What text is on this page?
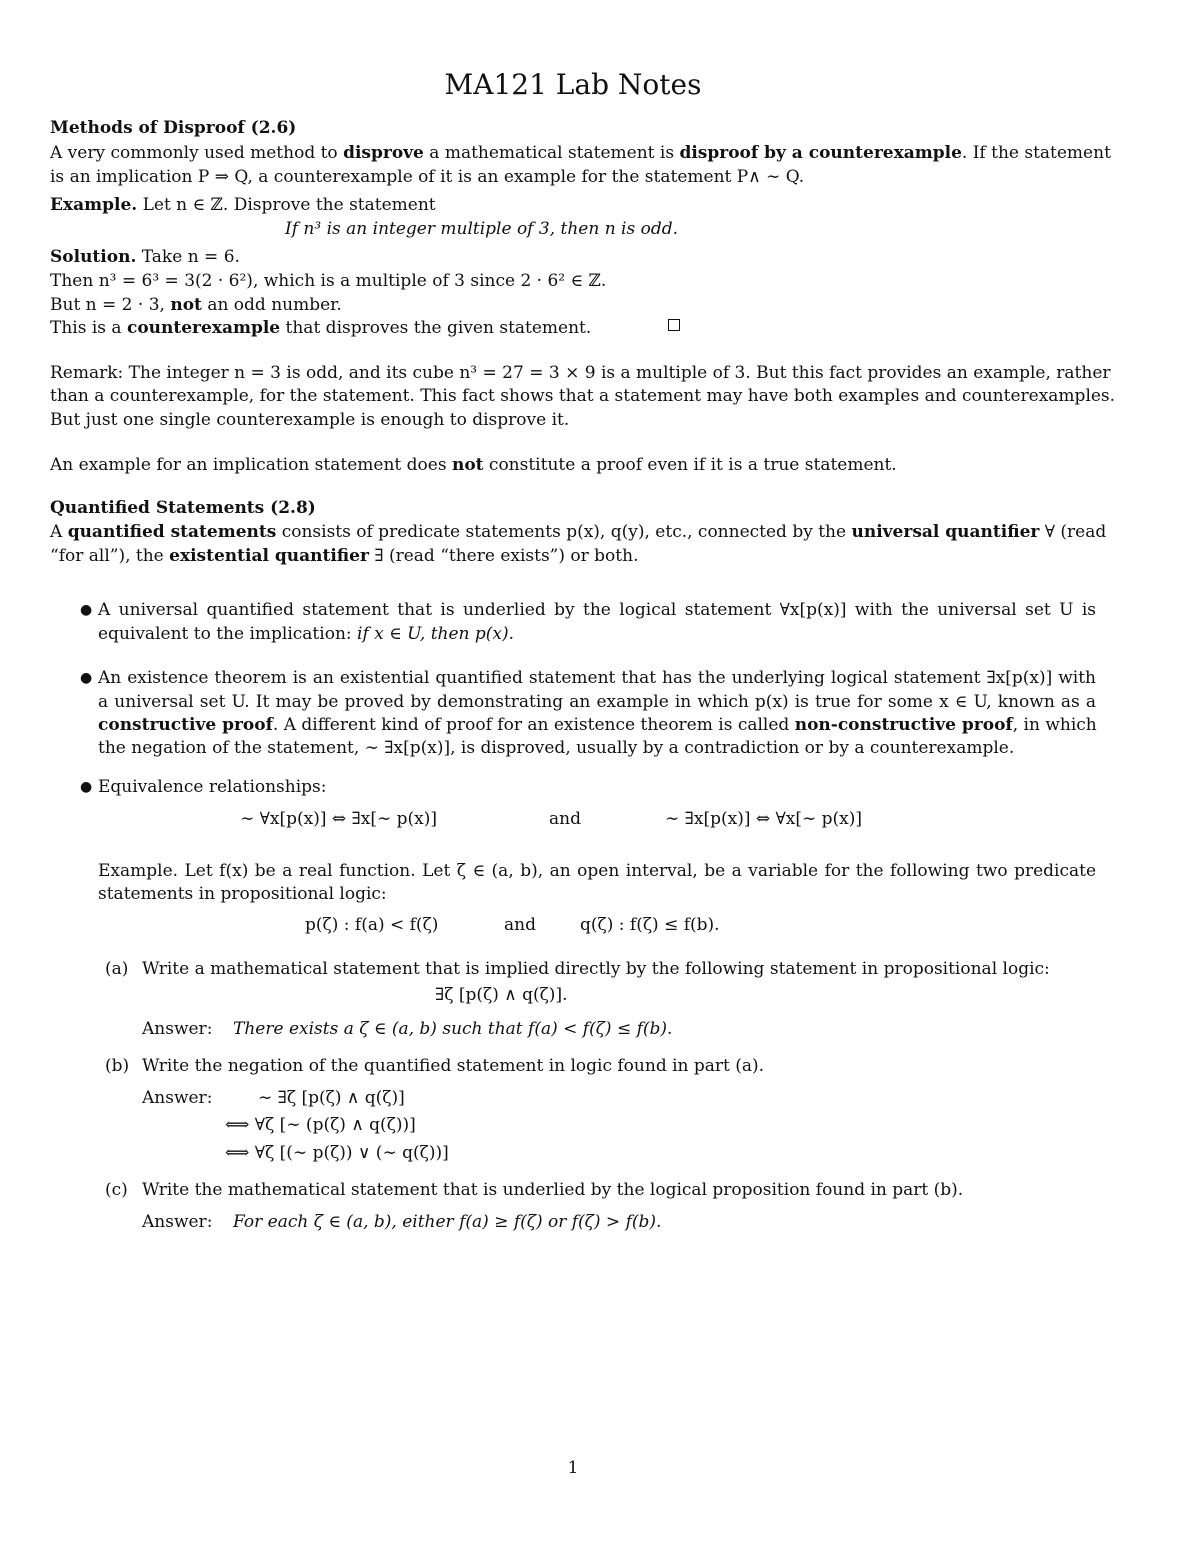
MA121 Lab Notes
Methods of Disproof (2.6)
A very commonly used method to disprove a mathematical statement is disproof by a counterexample. If the statement
is an implication P ⇒ Q, a counterexample of it is an example for the statement P∧ ∼ Q.
Example. Let n ∈ ℤ. Disprove the statement
If n³ is an integer multiple of 3, then n is odd.
Solution. Take n = 6.
Then n³ = 6³ = 3(2 · 6²), which is a multiple of 3 since 2 · 6² ∈ ℤ.
But n = 2 · 3, not an odd number.
This is a counterexample that disproves the given statement.
Remark: The integer n = 3 is odd, and its cube n³ = 27 = 3 × 9 is a multiple of 3. But this fact provides an example, rather
than a counterexample, for the statement. This fact shows that a statement may have both examples and counterexamples.
But just one single counterexample is enough to disprove it.
An example for an implication statement does not constitute a proof even if it is a true statement.
Quantified Statements (2.8)
A quantified statements consists of predicate statements p(x), q(y), etc., connected by the universal quantifier ∀ (read
“for all”), the existential quantifier ∃ (read “there exists”) or both.
● A universal quantified statement that is underlied by the logical statement ∀x[p(x)] with the universal set U is
equivalent to the implication: if x ∈ U, then p(x).
● An existence theorem is an existential quantified statement that has the underlying logical statement ∃x[p(x)] with
a universal set U. It may be proved by demonstrating an example in which p(x) is true for some x ∈ U, known as a
constructive proof. A different kind of proof for an existence theorem is called non-constructive proof, in which
the negation of the statement, ∼ ∃x[p(x)], is disproved, usually by a contradiction or by a counterexample.
● Equivalence relationships:
∼ ∀x[p(x)] ⇔ ∃x[∼ p(x)]	and	∼ ∃x[p(x)] ⇔ ∀x[∼ p(x)]
Example. Let f(x) be a real function. Let ζ ∈ (a, b), an open interval, be a variable for the following two predicate
statements in propositional logic:
p(ζ) : f(a) < f(ζ)	and	q(ζ) : f(ζ) ≤ f(b).
(a) Write a mathematical statement that is implied directly by the following statement in propositional logic:
∃ζ [p(ζ) ∧ q(ζ)].
Answer: There exists a ζ ∈ (a, b) such that f(a) < f(ζ) ≤ f(b).
(b) Write the negation of the quantified statement in logic found in part (a).
Answer:	∼ ∃ζ [p(ζ) ∧ q(ζ)]
⟺ ∀ζ [∼ (p(ζ) ∧ q(ζ))]
⟺ ∀ζ [(∼ p(ζ)) ∨ (∼ q(ζ))]
(c) Write the mathematical statement that is underlied by the logical proposition found in part (b).
Answer: For each ζ ∈ (a, b), either f(a) ≥ f(ζ) or f(ζ) > f(b).
1
